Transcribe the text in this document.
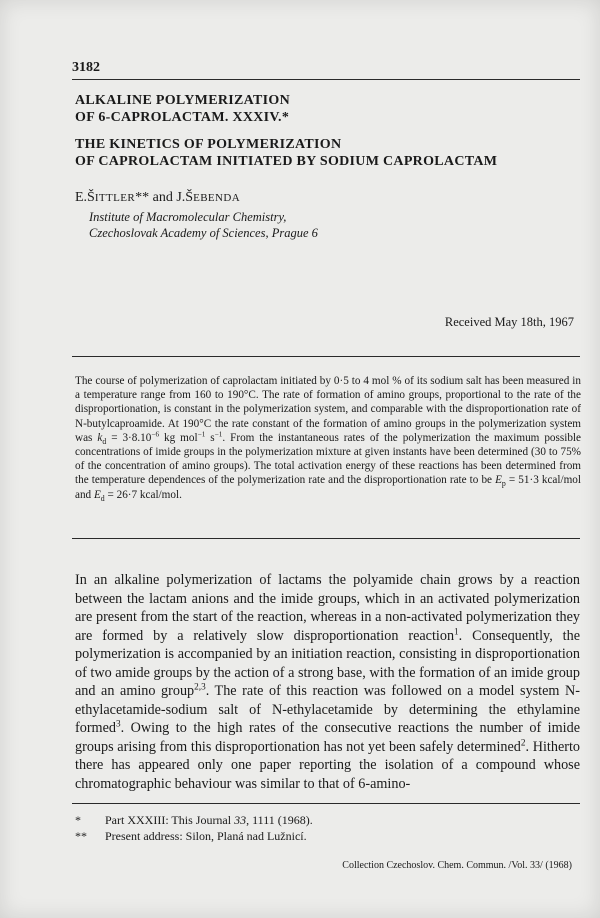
3182
ALKALINE POLYMERIZATION
OF 6-CAPROLACTAM. XXXIV.*
THE KINETICS OF POLYMERIZATION
OF CAPROLACTAM INITIATED BY SODIUM CAPROLACTAM
E.ŠITTLER** and J.ŠEBENDA
Institute of Macromolecular Chemistry,
Czechoslovak Academy of Sciences, Prague 6
Received May 18th, 1967
The course of polymerization of caprolactam initiated by 0·5 to 4 mol % of its sodium salt has been measured in a temperature range from 160 to 190°C. The rate of formation of amino groups, proportional to the rate of the disproportionation, is constant in the polymerization system, and comparable with the disproportionation rate of N-butylcaproamide. At 190°C the rate constant of the formation of amino groups in the polymerization system was $k_d = 3\cdot 8.10^{-6}$ kg mol$^{-1}$ $s^{-1}$. From the instantaneous rates of the polymerization the maximum possible concentrations of imide groups in the polymerization mixture at given instants have been determined (30 to 75% of the concentration of amino groups). The total activation energy of these reactions has been determined from the temperature dependences of the polymerization rate and the disproportionation rate to be $E_p = 51\cdot 3$ kcal/mol and $E_d = 26\cdot 7$ kcal/mol.
In an alkaline polymerization of lactams the polyamide chain grows by a reaction between the lactam anions and the imide groups, which in an activated polymerization are present from the start of the reaction, whereas in a non-activated polymerization they are formed by a relatively slow disproportionation reaction$^1$. Consequently, the polymerization is accompanied by an initiation reaction, consisting in disproportionation of two amide groups by the action of a strong base, with the formation of an imide group and an amino group$^{2,3}$. The rate of this reaction was followed on a model system N-ethylacetamide-sodium salt of N-ethylacetamide by determining the ethylamine formed$^3$. Owing to the high rates of the consecutive reactions the number of imide groups arising from this disproportionation has not yet been safely determined$^2$. Hitherto there has appeared only one paper reporting the isolation of a compound whose chromatographic behaviour was similar to that of 6-amino-
* Part XXXIII: This Journal 33, 1111 (1968).
** Present address: Silon, Planá nad Lužnicí.
Collection Czechoslov. Chem. Commun. /Vol. 33/ (1968)
